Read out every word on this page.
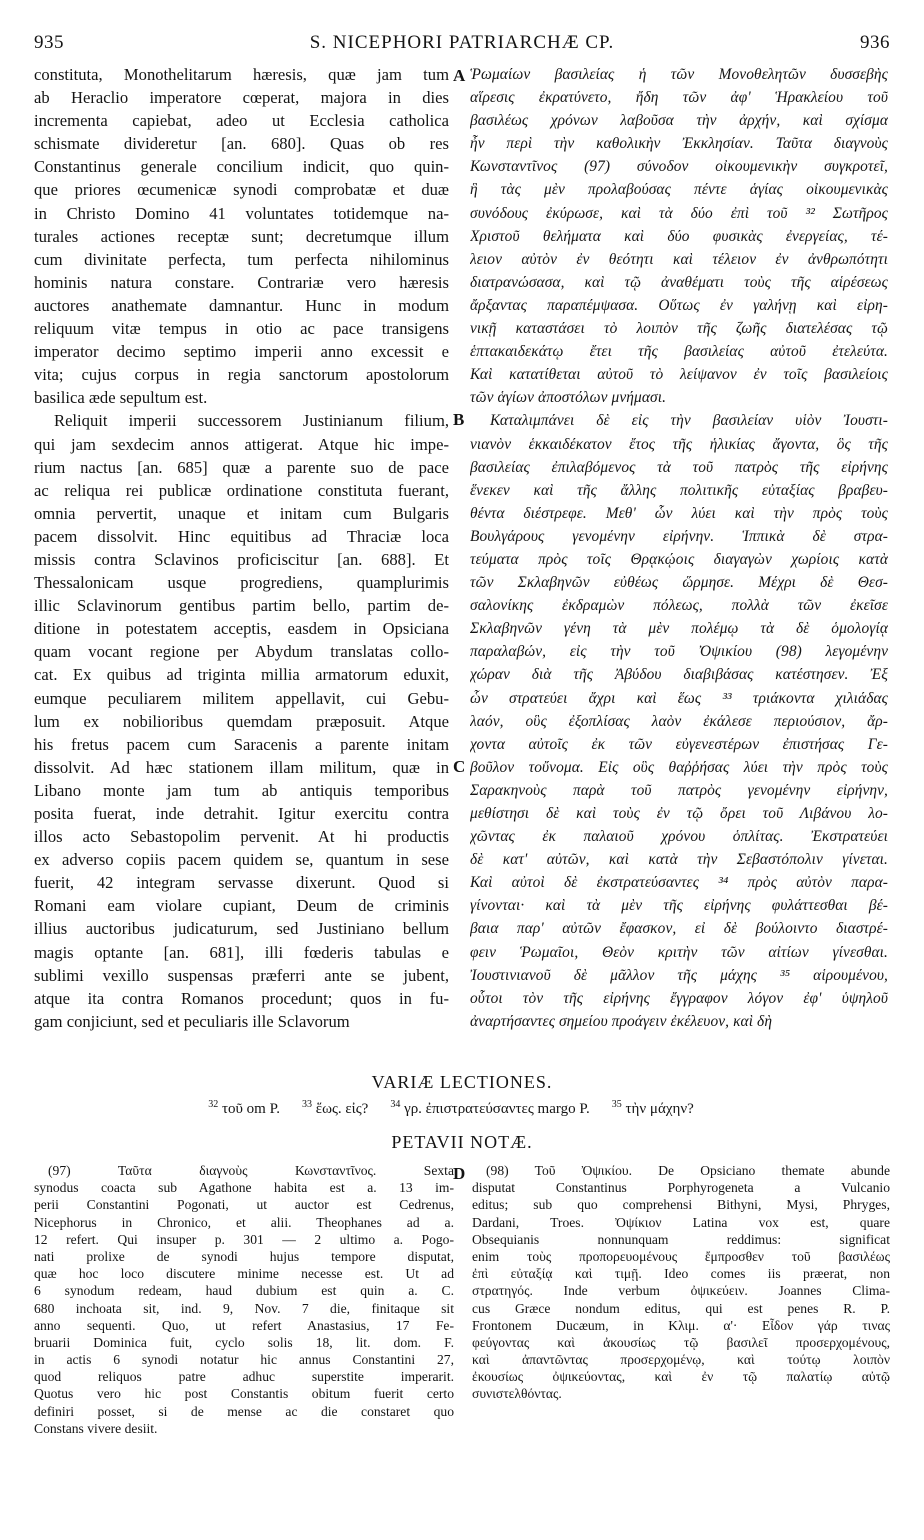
935	S. NICEPHORI PATRIARCHÆ CP.	936
constituta, Monothelitarum hæresis, quæ jam tum
ab Heraclio imperatore cœperat, majora in dies
incrementa capiebat, adeo ut Ecclesia catholica
schismate divideretur [an. 680]. Quas ob res
Constantinus generale concilium indicit, quo quin-
que priores œcumenicæ synodi comprobatæ et duæ
in Christo Domino 41 voluntates totidemque na-
turales actiones receptæ sunt; decretumque illum
cum divinitate perfecta, tum perfecta nihilominus
hominis natura constare. Contrariæ vero hæresis
auctores anathemate damnantur. Hunc in modum
reliquum vitæ tempus in otio ac pace transigens
imperator decimo septimo imperii anno excessit e
vita; cujus corpus in regia sanctorum apostolorum
basilica æde sepultum est.
Reliquit imperii successorem Justinianum filium,
qui jam sexdecim annos attigerat. Atque hic impe-
rium nactus [an. 685] quæ a parente suo de pace
ac reliqua rei publicæ ordinatione constituta fuerant,
omnia pervertit, unaque et initam cum Bulgaris
pacem dissolvit. Hinc equitibus ad Thraciæ loca
missis contra Sclavinos proficiscitur [an. 688]. Et
Thessalonicam usque progrediens, quamplurimis
illic Sclavinorum gentibus partim bello, partim de-
ditione in potestatem acceptis, easdem in Opsiciana
quam vocant regione per Abydum translatas collo-
cat. Ex quibus ad triginta millia armatorum eduxit,
eumque peculiarem militem appellavit, cui Gebu-
lum ex nobilioribus quemdam præposuit. Atque
his fretus pacem cum Saracenis a parente initam
dissolvit. Ad hæc stationem illam militum, quæ in
Libano monte jam tum ab antiquis temporibus
posita fuerat, inde detrahit. Igitur exercitu contra
illos acto Sebastopolim pervenit. At hi productis
ex adverso copiis pacem quidem se, quantum in sese
fuerit, 42 integram servasse dixerunt. Quod si
Romani eam violare cupiant, Deum de criminis
illius auctoribus judicaturum, sed Justiniano bellum
magis optante [an. 681], illi fœderis tabulas e
sublimi vexillo suspensas præferri ante se jubent,
atque ita contra Romanos procedunt; quos in fu-
gam conjiciunt, sed et peculiaris ille Sclavorum
Ῥωμαίων βασιλείας ἡ τῶν Μονοθελητῶν δυσσεβὴς
αἵρεσις ἐκρατύνετο, ἤδη τῶν ἀφ' Ἡρακλείου τοῦ
βασιλέως χρόνων λαβοῦσα τὴν ἀρχήν, καὶ σχίσμα
ἦν περὶ τὴν καθολικὴν Ἐκκλησίαν. Ταῦτα διαγνοὺς
Κωνσταντῖνος (97) σύνοδον οἰκουμενικὴν συγκροτεῖ,
ἣ τὰς μὲν προλαβούσας πέντε ἁγίας οἰκουμενικὰς
συνόδους ἐκύρωσε, καὶ τὰ δύο ἐπὶ τοῦ ³² Σωτῆρος
Χριστοῦ θελήματα καὶ δύο φυσικὰς ἐνεργείας, τέ-
λειον αὐτὸν ἐν θεότητι καὶ τέλειον ἐν ἀνθρωπότητι
διατρανώσασα, καὶ τῷ ἀναθέματι τοὺς τῆς αἱρέσεως
ἄρξαντας παραπέμψασα. Οὕτως ἐν γαλήνῃ καὶ εἰρη-
νικῇ καταστάσει τὸ λοιπὸν τῆς ζωῆς διατελέσας τῷ
ἑπτακαιδεκάτῳ ἔτει τῆς βασιλείας αὐτοῦ ἐτελεύτα.
Καὶ κατατίθεται αὐτοῦ τὸ λείψανον ἐν τοῖς βασιλείοις
τῶν ἁγίων ἀποστόλων μνήμασι.
Καταλιμπάνει δὲ εἰς τὴν βασιλείαν υἱὸν Ἰουστι-
νιανὸν ἑκκαιδέκατον ἔτος τῆς ἡλικίας ἄγοντα, ὃς τῆς
βασιλείας ἐπιλαβόμενος τὰ τοῦ πατρὸς τῆς εἰρήνης
ἕνεκεν καὶ τῆς ἄλλης πολιτικῆς εὐταξίας βραβευ-
θέντα διέστρεφε. Μεθ' ὧν λύει καὶ τὴν πρὸς τοὺς
Βουλγάρους γενομένην εἰρήνην. Ἱππικὰ δὲ στρα-
τεύματα πρὸς τοῖς Θρᾳκῴοις διαγαγὼν χωρίοις κατὰ
τῶν Σκλαβηνῶν εὐθέως ὥρμησε. Μέχρι δὲ Θεσ-
σαλονίκης ἐκδραμὼν πόλεως, πολλὰ τῶν ἐκεῖσε
Σκλαβηνῶν γένη τὰ μὲν πολέμῳ τὰ δὲ ὁμολογίᾳ
παραλαβών, εἰς τὴν τοῦ Ὀψικίου (98) λεγομένην
χώραν διὰ τῆς Ἀβύδου διαβιβάσας κατέστησεν. Ἐξ
ὧν στρατεύει ἄχρι καὶ ἕως ³³ τριάκοντα χιλιάδας
λαόν, οὓς ἐξοπλίσας λαὸν ἐκάλεσε περιούσιον, ἄρ-
χοντα αὐτοῖς ἐκ τῶν εὐγενεστέρων ἐπιστήσας Γε-
βοῦλον τοὔνομα. Εἰς οὓς θαῤῥήσας λύει τὴν πρὸς τοὺς
Σαρακηνοὺς παρὰ τοῦ πατρὸς γενομένην εἰρήνην,
μεθίστησι δὲ καὶ τοὺς ἐν τῷ ὄρει τοῦ Λιβάνου λο-
χῶντας ἐκ παλαιοῦ χρόνου ὁπλίτας. Ἐκστρατεύει
δὲ κατ' αὐτῶν, καὶ κατὰ τὴν Σεβαστόπολιν γίνεται.
Καὶ αὐτοὶ δὲ ἐκστρατεύσαντες ³⁴ πρὸς αὐτὸν παρα-
γίνονται· καὶ τὰ μὲν τῆς εἰρήνης φυλάττεσθαι βέ-
βαια παρ' αὐτῶν ἔφασκον, εἰ δὲ βούλοιντο διαστρέ-
φειν Ῥωμαῖοι, Θεὸν κριτὴν τῶν αἰτίων γίνεσθαι.
Ἰουστινιανοῦ δὲ μᾶλλον τῆς μάχης ³⁵ αἱρουμένου,
οὗτοι τὸν τῆς εἰρήνης ἔγγραφον λόγον ἐφ' ὑψηλοῦ
ἀναρτήσαντες σημείου προάγειν ἐκέλευον, καὶ δὴ
A
B
C
D
VARIÆ LECTIONES.
$^{32}$ τοῦ om P. $^{33}$ ἕως. εἰς? $^{34}$ γρ. ἐπιστρατεύσαντες margo P. $^{35}$ τὴν μάχην?
PETAVII NOTÆ.
(97) Ταῦτα διαγνοὺς Κωνσταντῖνος. Sexta
synodus coacta sub Agathone habita est a. 13 im-
perii Constantini Pogonati, ut auctor est Cedrenus,
Nicephorus in Chronico, et alii. Theophanes ad a.
12 refert. Qui insuper p. 301 — 2 ultimo a. Pogo-
nati prolixe de synodi hujus tempore disputat,
quæ hoc loco discutere minime necesse est. Ut ad
6 synodum redeam, haud dubium est quin a. C.
680 inchoata sit, ind. 9, Nov. 7 die, finitaque sit
anno sequenti. Quo, ut refert Anastasius, 17 Fe-
bruarii Dominica fuit, cyclo solis 18, lit. dom. F.
in actis 6 synodi notatur hic annus Constantini 27,
quod reliquos patre adhuc superstite imperarit.
Quotus vero hic post Constantis obitum fuerit certo
definiri posset, si de mense ac die constaret quo
Constans vivere desiit.
(98) Τοῦ Ὀψικίου. De Opsiciano themate abunde
disputat Constantinus Porphyrogeneta a Vulcanio
editus; sub quo comprehensi Bithyni, Mysi, Phryges,
Dardani, Troes. Ὀψίκιον Latina vox est, quare
Obsequianis nonnunquam reddimus: significat
enim τοὺς προπορευομένους ἔμπροσθεν τοῦ βασιλέως
ἐπὶ εὐταξίᾳ καὶ τιμῇ. Ideo comes iis præerat, non
στρατηγός. Inde verbum ὀψικεύειν. Joannes Clima-
cus Græce nondum editus, qui est penes R. P.
Frontonem Ducæum, in Κλιμ. α'· Εἶδον γάρ τινας
φεύγοντας καὶ ἀκουσίως τῷ βασιλεῖ προσερχομένους,
καὶ ἀπαντῶντας προσερχομένῳ, καὶ τούτῳ λοιπὸν
ἐκουσίως ὀψικεύοντας, καὶ ἐν τῷ παλατίῳ αὐτῷ
συνιστελθόντας.
